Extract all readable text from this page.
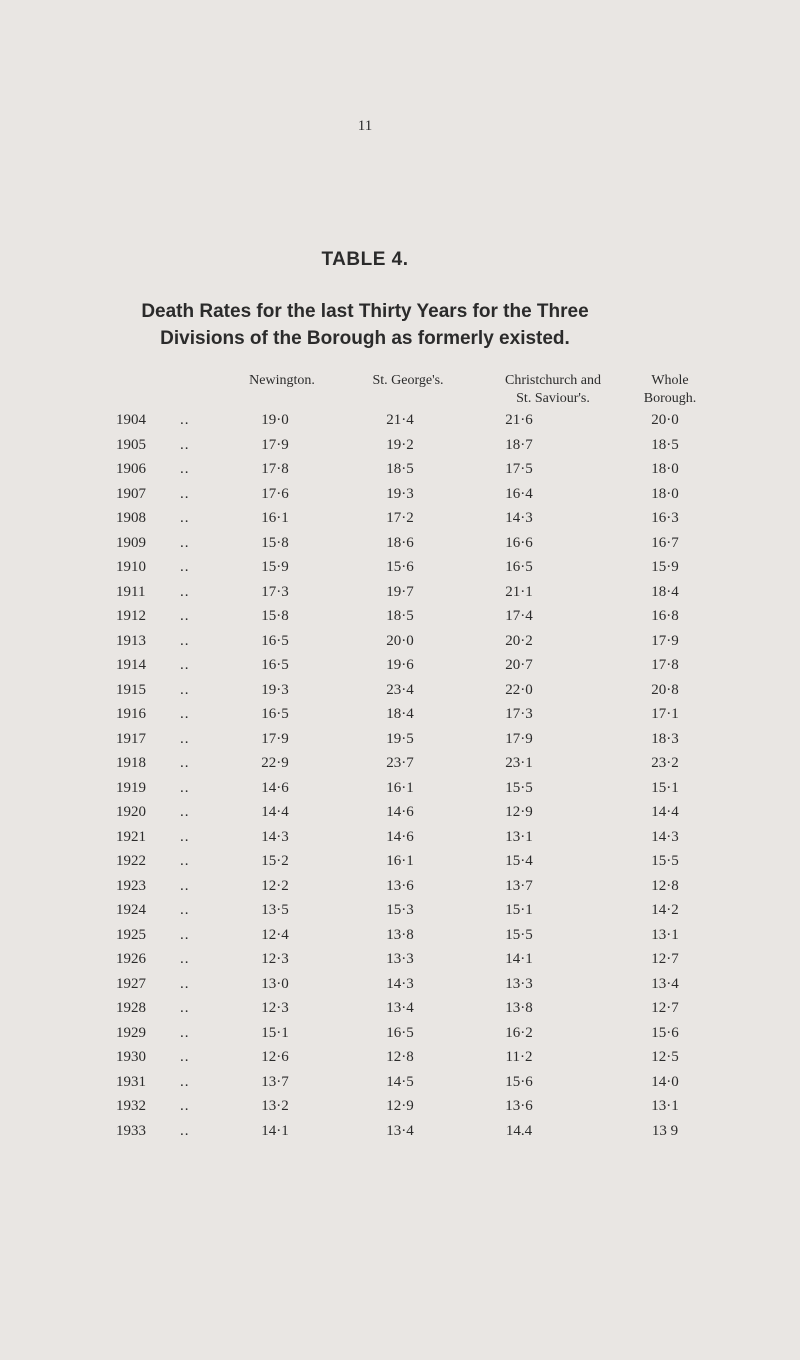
11
TABLE 4.
Death Rates for the last Thirty Years for the Three
Divisions of the Borough as formerly existed.
Newington.	St. George's.	Christchurch and
St. Saviour's.
Whole
Borough.
1904 ..	19·0	21·4	21·6	20·0
1905 ..	17·9	19·2	18·7	18·5
1906 ..	17·8	18·5	17·5	18·0
1907 ..	17·6	19·3	16·4	18·0
1908 ..	16·1	17·2	14·3	16·3
1909 ..	15·8	18·6	16·6	16·7
1910 ..	15·9	15·6	16·5	15·9
1911 ..	17·3	19·7	21·1	18·4
1912 ..	15·8	18·5	17·4	16·8
1913 ..	16·5	20·0	20·2	17·9
1914 ..	16·5	19·6	20·7	17·8
1915 ..	19·3	23·4	22·0	20·8
1916 ..	16·5	18·4	17·3	17·1
1917 ..	17·9	19·5	17·9	18·3
1918 ..	22·9	23·7	23·1	23·2
1919 ..	14·6	16·1	15·5	15·1
1920 ..	14·4	14·6	12·9	14·4
1921 ..	14·3	14·6	13·1	14·3
1922 ..	15·2	16·1	15·4	15·5
1923 ..	12·2	13·6	13·7	12·8
1924 ..	13·5	15·3	15·1	14·2
1925 ..	12·4	13·8	15·5	13·1
1926 ..	12·3	13·3	14·1	12·7
1927 ..	13·0	14·3	13·3	13·4
1928 ..	12·3	13·4	13·8	12·7
1929 ..	15·1	16·5	16·2	15·6
1930 ..	12·6	12·8	11·2	12·5
1931 ..	13·7	14·5	15·6	14·0
1932 ..	13·2	12·9	13·6	13·1
1933 ..	14·1	13·4	14.4	13 9
